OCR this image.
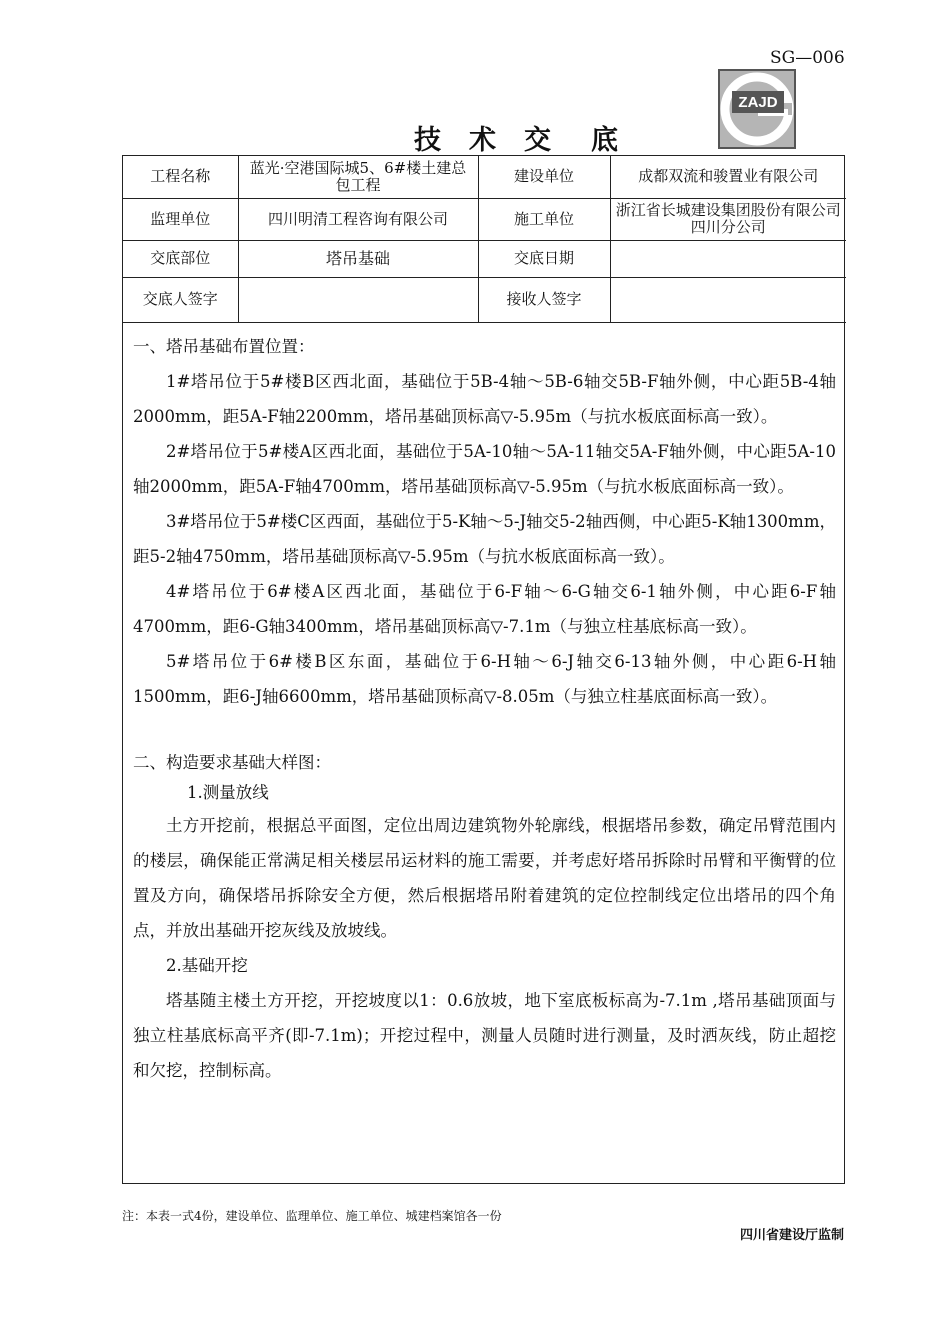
SG—006
ZAJD
技 术 交 底
工程名称	蓝光·空港国际城5、6#楼土建总包工程	建设单位	成都双流和骏置业有限公司
监理单位	四川明清工程咨询有限公司	施工单位	浙江省长城建设集团股份有限公司四川分公司
交底部位	塔吊基础	交底日期	
交底人签字		接收人签字	

一、塔吊基础布置位置：

1#塔吊位于5#楼B区西北面，基础位于5B-4轴～5B-6轴交5B-F轴外侧，中心距5B-4轴2000mm，距5A-F轴2200mm，塔吊基础顶标高▽-5.95m（与抗水板底面标高一致）。

2#塔吊位于5#楼A区西北面，基础位于5A-10轴～5A-11轴交5A-F轴外侧，中心距5A-10轴2000mm，距5A-F轴4700mm，塔吊基础顶标高▽-5.95m（与抗水板底面标高一致）。

3#塔吊位于5#楼C区西面，基础位于5-K轴～5-J轴交5-2轴西侧，中心距5-K轴1300mm，距5-2轴4750mm，塔吊基础顶标高▽-5.95m（与抗水板底面标高一致）。

4#塔吊位于6#楼A区西北面，基础位于6-F轴～6-G轴交6-1轴外侧，中心距6-F轴4700mm，距6-G轴3400mm，塔吊基础顶标高▽-7.1m（与独立柱基底标高一致）。

5#塔吊位于6#楼B区东面，基础位于6-H轴～6-J轴交6-13轴外侧，中心距6-H轴1500mm，距6-J轴6600mm，塔吊基础顶标高▽-8.05m（与独立柱基底面标高一致）。

二、构造要求基础大样图：

1.测量放线

土方开挖前，根据总平面图，定位出周边建筑物外轮廓线，根据塔吊参数，确定吊臂范围内的楼层，确保能正常满足相关楼层吊运材料的施工需要，并考虑好塔吊拆除时吊臂和平衡臂的位置及方向，确保塔吊拆除安全方便，然后根据塔吊附着建筑的定位控制线定位出塔吊的四个角点，并放出基础开挖灰线及放坡线。

2.基础开挖

塔基随主楼土方开挖，开挖坡度以1：0.6放坡，地下室底板标高为-7.1m ,塔吊基础顶面与独立柱基底标高平齐(即-7.1m)；开挖过程中，测量人员随时进行测量，及时洒灰线，防止超挖和欠挖，控制标高。

注：本表一式4份，建设单位、监理单位、施工单位、城建档案馆各一份
四川省建设厅监制
